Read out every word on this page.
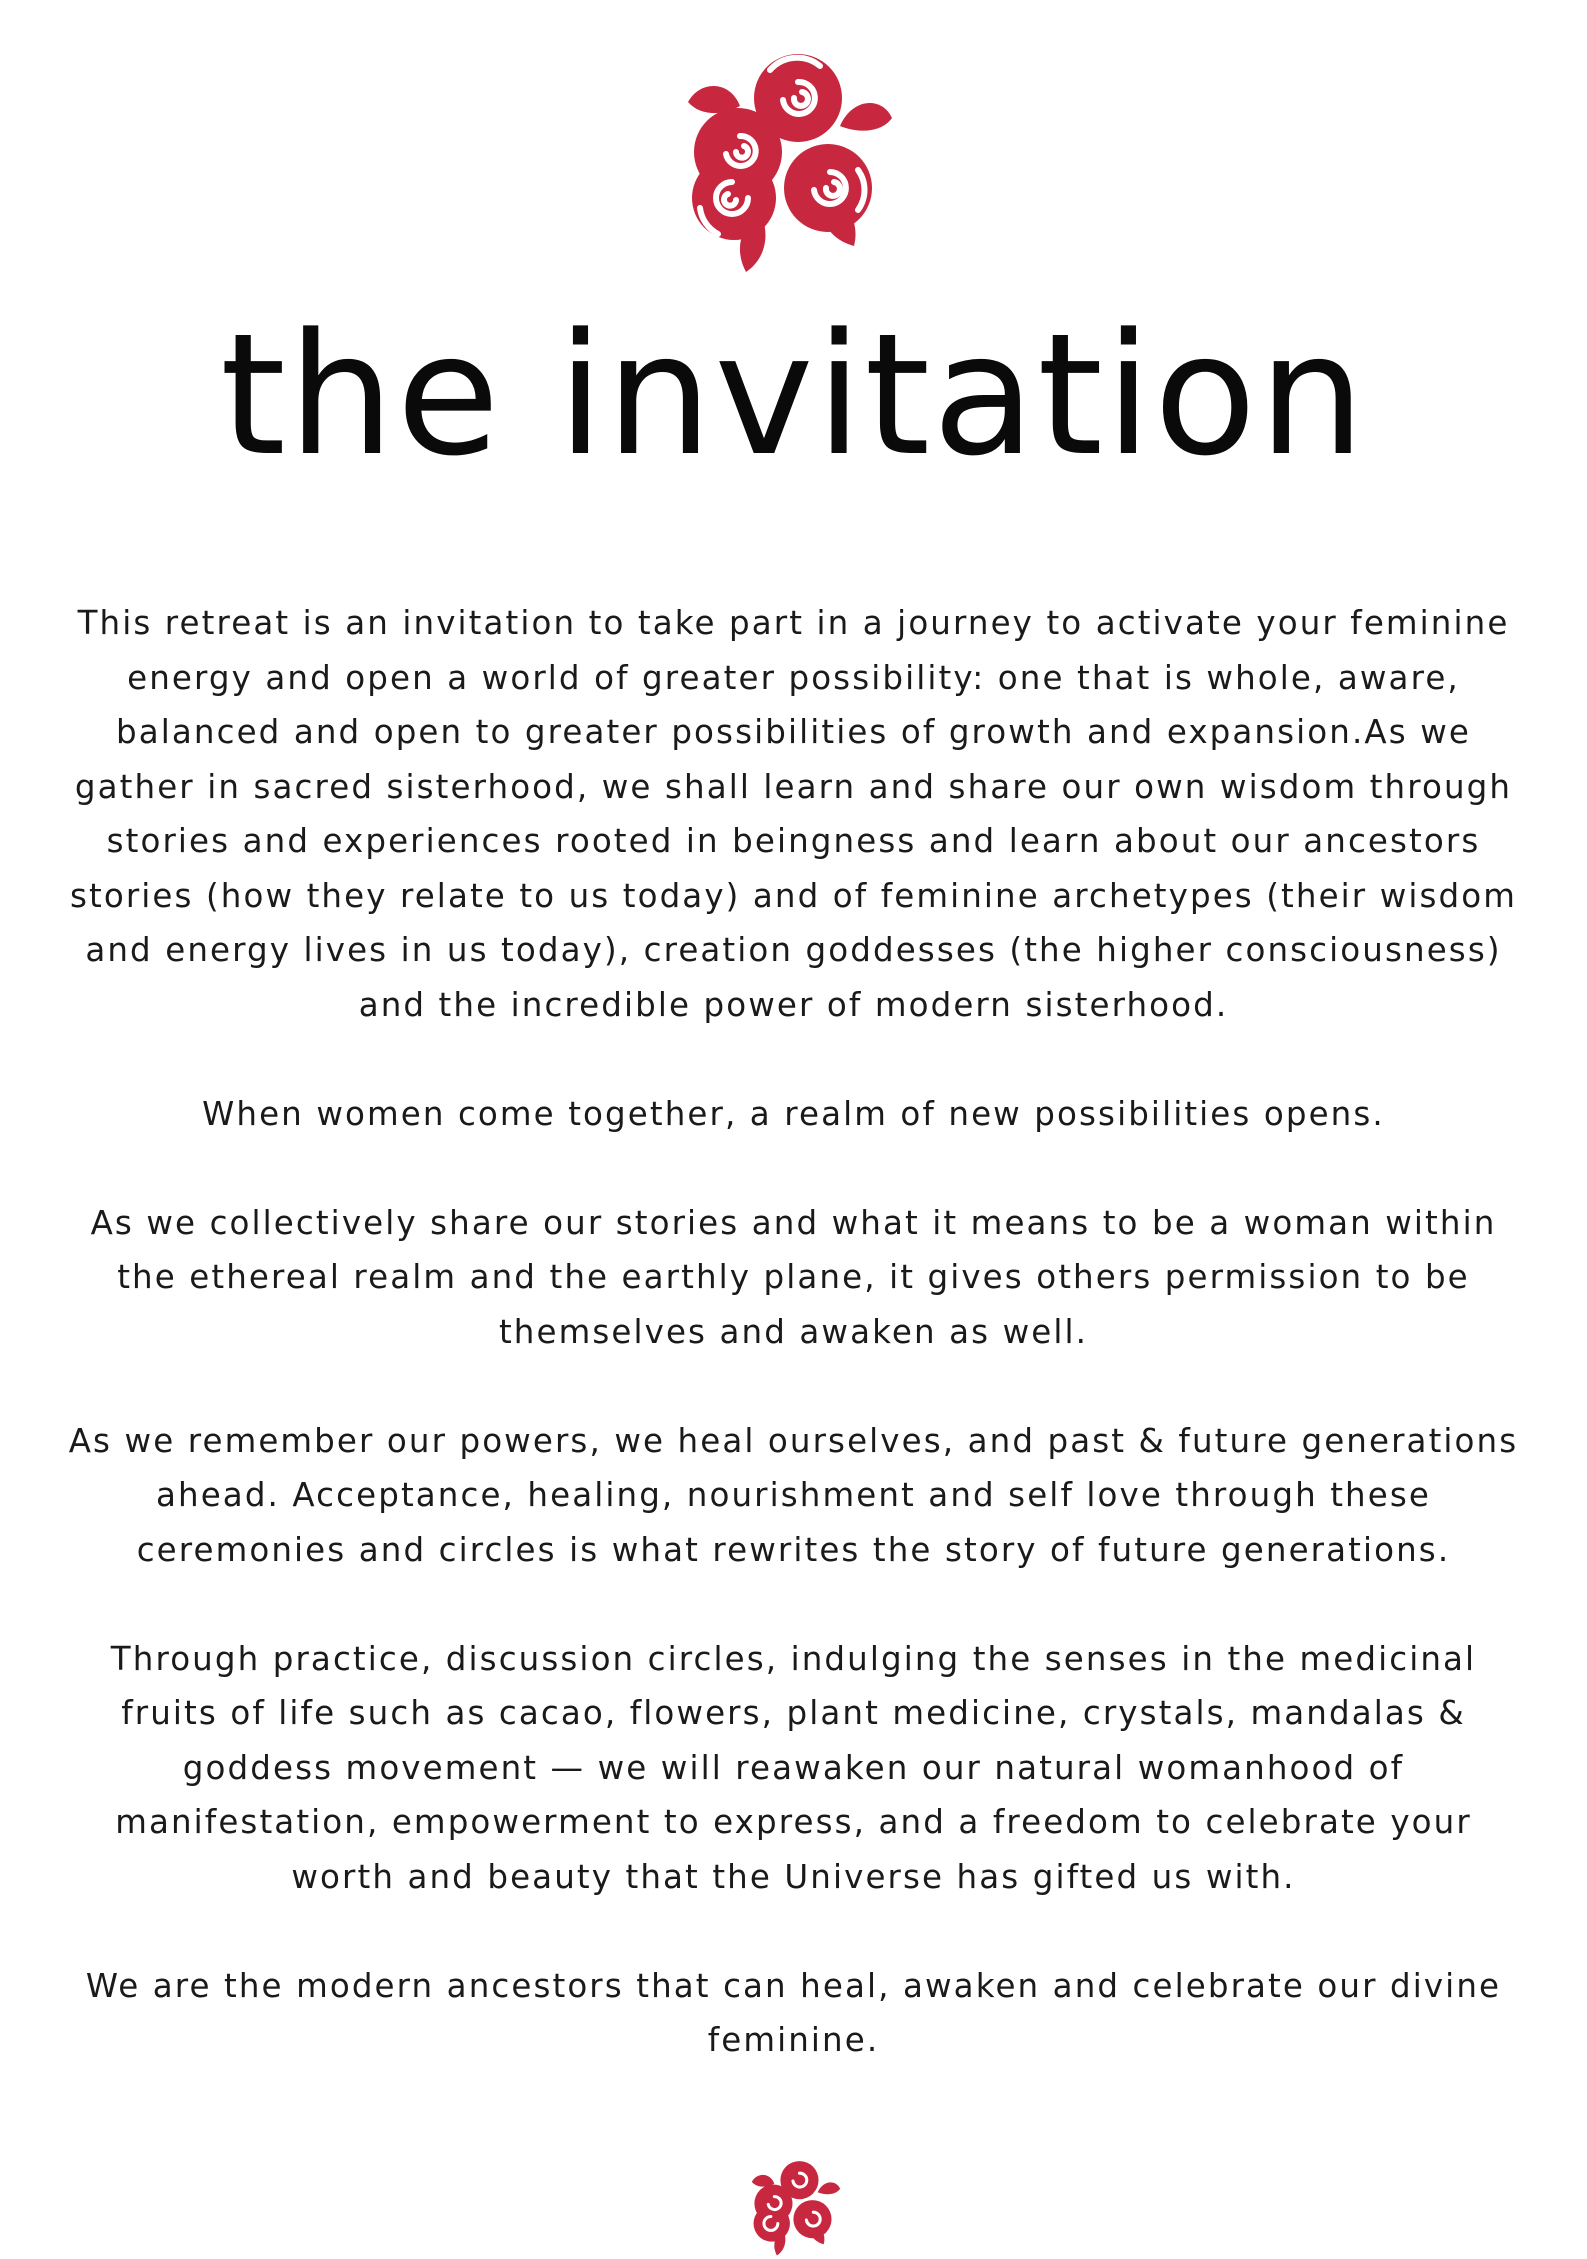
the invitation

This retreat is an invitation to take part in a journey to activate your feminine energy and open a world of greater possibility: one that is whole, aware, balanced and open to greater possibilities of growth and expansion.As we gather in sacred sisterhood, we shall learn and share our own wisdom through stories and experiences rooted in beingness and learn about our ancestors stories (how they relate to us today) and of feminine archetypes (their wisdom and energy lives in us today), creation goddesses (the higher consciousness) and the incredible power of modern sisterhood.

When women come together, a realm of new possibilities opens.

As we collectively share our stories and what it means to be a woman within the ethereal realm and the earthly plane, it gives others permission to be themselves and awaken as well.

As we remember our powers, we heal ourselves, and past & future generations ahead. Acceptance, healing, nourishment and self love through these ceremonies and circles is what rewrites the story of future generations.

Through practice, discussion circles, indulging the senses in the medicinal fruits of life such as cacao, flowers, plant medicine, crystals, mandalas & goddess movement — we will reawaken our natural womanhood of manifestation, empowerment to express, and a freedom to celebrate your worth and beauty that the Universe has gifted us with.

We are the modern ancestors that can heal, awaken and celebrate our divine feminine.
